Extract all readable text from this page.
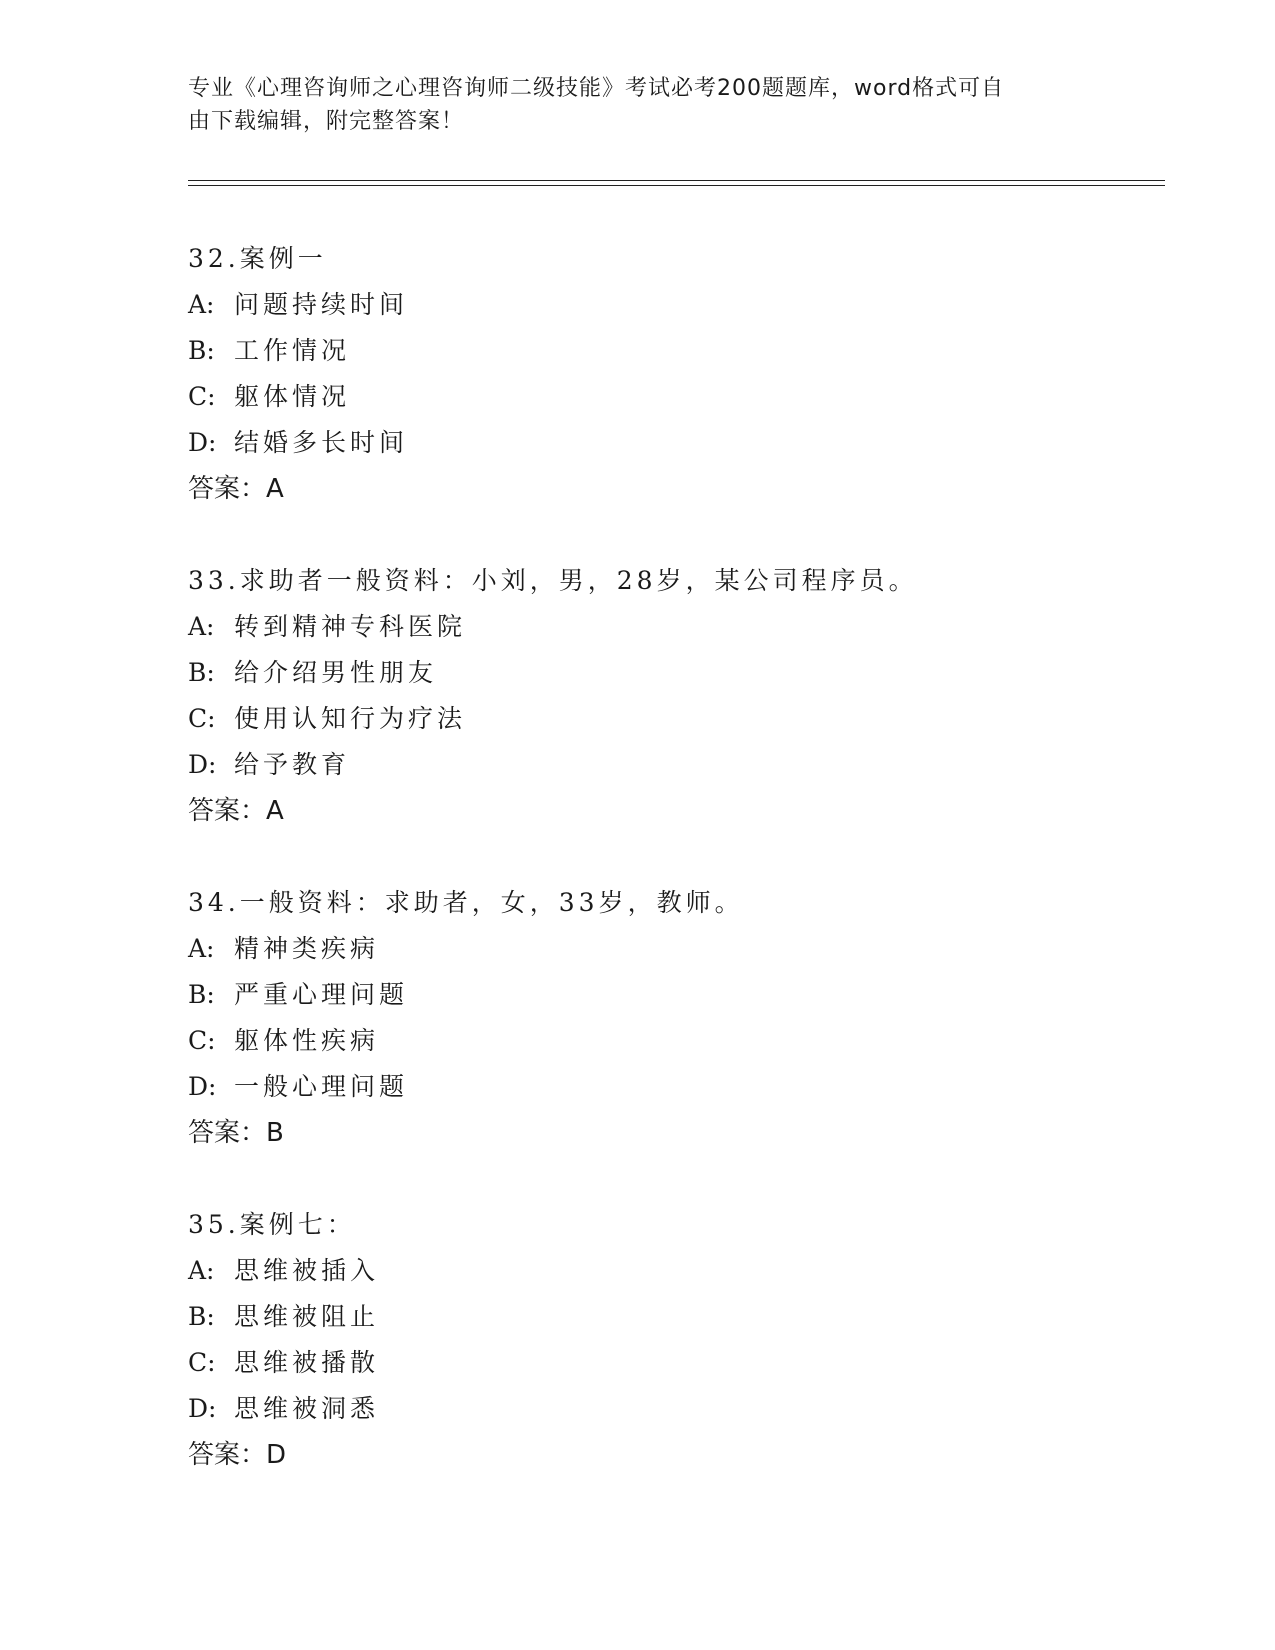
专业《心理咨询师之心理咨询师二级技能》考试必考200题题库，word格式可自
由下载编辑，附完整答案！
32.案例一
A: 问题持续时间
B: 工作情况
C: 躯体情况
D: 结婚多长时间
答案：A
33.求助者一般资料：小刘，男，28岁，某公司程序员。
A: 转到精神专科医院
B: 给介绍男性朋友
C: 使用认知行为疗法
D: 给予教育
答案：A
34.一般资料：求助者，女，33岁，教师。
A: 精神类疾病
B: 严重心理问题
C: 躯体性疾病
D: 一般心理问题
答案：B
35.案例七：
A: 思维被插入
B: 思维被阻止
C: 思维被播散
D: 思维被洞悉
答案：D
